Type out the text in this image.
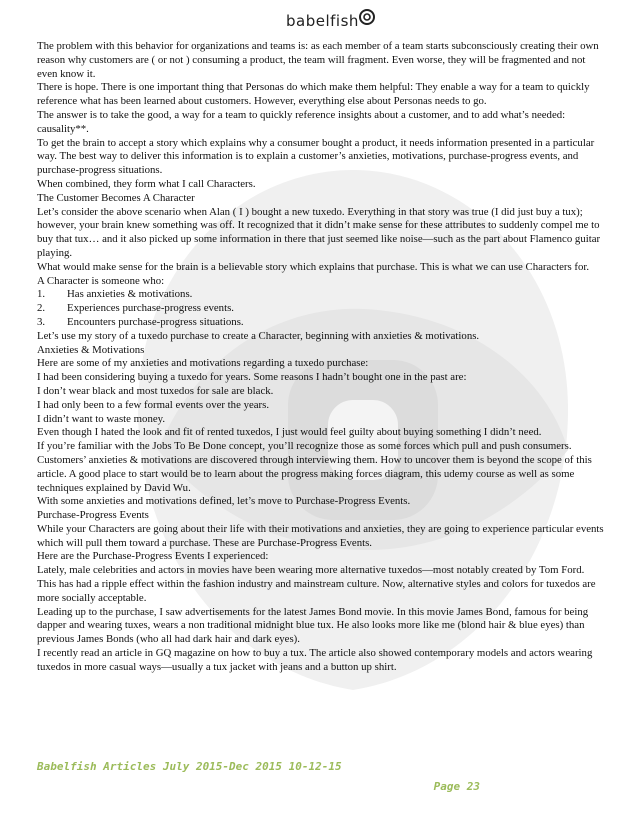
babelfish

The problem with this behavior for organizations and teams is: as each member of a team starts subconsciously creating their own reason why customers are ( or not ) consuming a product, the team will fragment. Even worse, they will be fragmented and not even know it.

There is hope. There is one important thing that Personas do which make them helpful: They enable a way for a team to quickly reference what has been learned about customers. However, everything else about Personas needs to go.

The answer is to take the good, a way for a team to quickly reference insights about a customer, and to add what’s needed: causality**.

To get the brain to accept a story which explains why a consumer bought a product, it needs information presented in a particular way. The best way to deliver this information is to explain a customer’s anxieties, motivations, purchase-progress events, and purchase-progress situations.

When combined, they form what I call Characters.

The Customer Becomes A Character

Let’s consider the above scenario when Alan ( I ) bought a new tuxedo. Everything in that story was true (I did just buy a tux); however, your brain knew something was off. It recognized that it didn’t make sense for these attributes to suddenly compel me to buy that tux… and it also picked up some information in there that just seemed like noise—such as the part about Flamenco guitar playing.

What would make sense for the brain is a believable story which explains that purchase. This is what we can use Characters for.

A Character is someone who:

1.	Has anxieties & motivations.
2.	Experiences purchase-progress events.
3.	Encounters purchase-progress situations.

Let’s use my story of a tuxedo purchase to create a Character, beginning with anxieties & motivations.

Anxieties & Motivations

Here are some of my anxieties and motivations regarding a tuxedo purchase:

I had been considering buying a tuxedo for years. Some reasons I hadn’t bought one in the past are:

I don’t wear black and most tuxedos for sale are black.

I had only been to a few formal events over the years.

I didn’t want to waste money.

Even though I hated the look and fit of rented tuxedos, I just would feel guilty about buying something I didn’t need.

If you’re familiar with the Jobs To Be Done concept, you’ll recognize those as some forces which pull and push consumers.

Customers’ anxieties & motivations are discovered through interviewing them. How to uncover them is beyond the scope of this article. A good place to start would be to learn about the progress making forces diagram, this udemy course as well as some techniques explained by David Wu.

With some anxieties and motivations defined, let’s move to Purchase-Progress Events.

Purchase-Progress Events

While your Characters are going about their life with their motivations and anxieties, they are going to experience particular events which will pull them toward a purchase. These are Purchase-Progress Events.

Here are the Purchase-Progress Events I experienced:

Lately, male celebrities and actors in movies have been wearing more alternative tuxedos—most notably created by Tom Ford. This has had a ripple effect within the fashion industry and mainstream culture. Now, alternative styles and colors for tuxedos are more socially acceptable.

Leading up to the purchase, I saw advertisements for the latest James Bond movie. In this movie James Bond, famous for being dapper and wearing tuxes, wears a non traditional midnight blue tux. He also looks more like me (blond hair & blue eyes) than previous James Bonds (who all had dark hair and dark eyes).

I recently read an article in GQ magazine on how to buy a tux. The article also showed contemporary models and actors wearing tuxedos in more casual ways—usually a tux jacket with jeans and a button up shirt.

Babelfish Articles July 2015-Dec 2015 10-12-15
Page 23
